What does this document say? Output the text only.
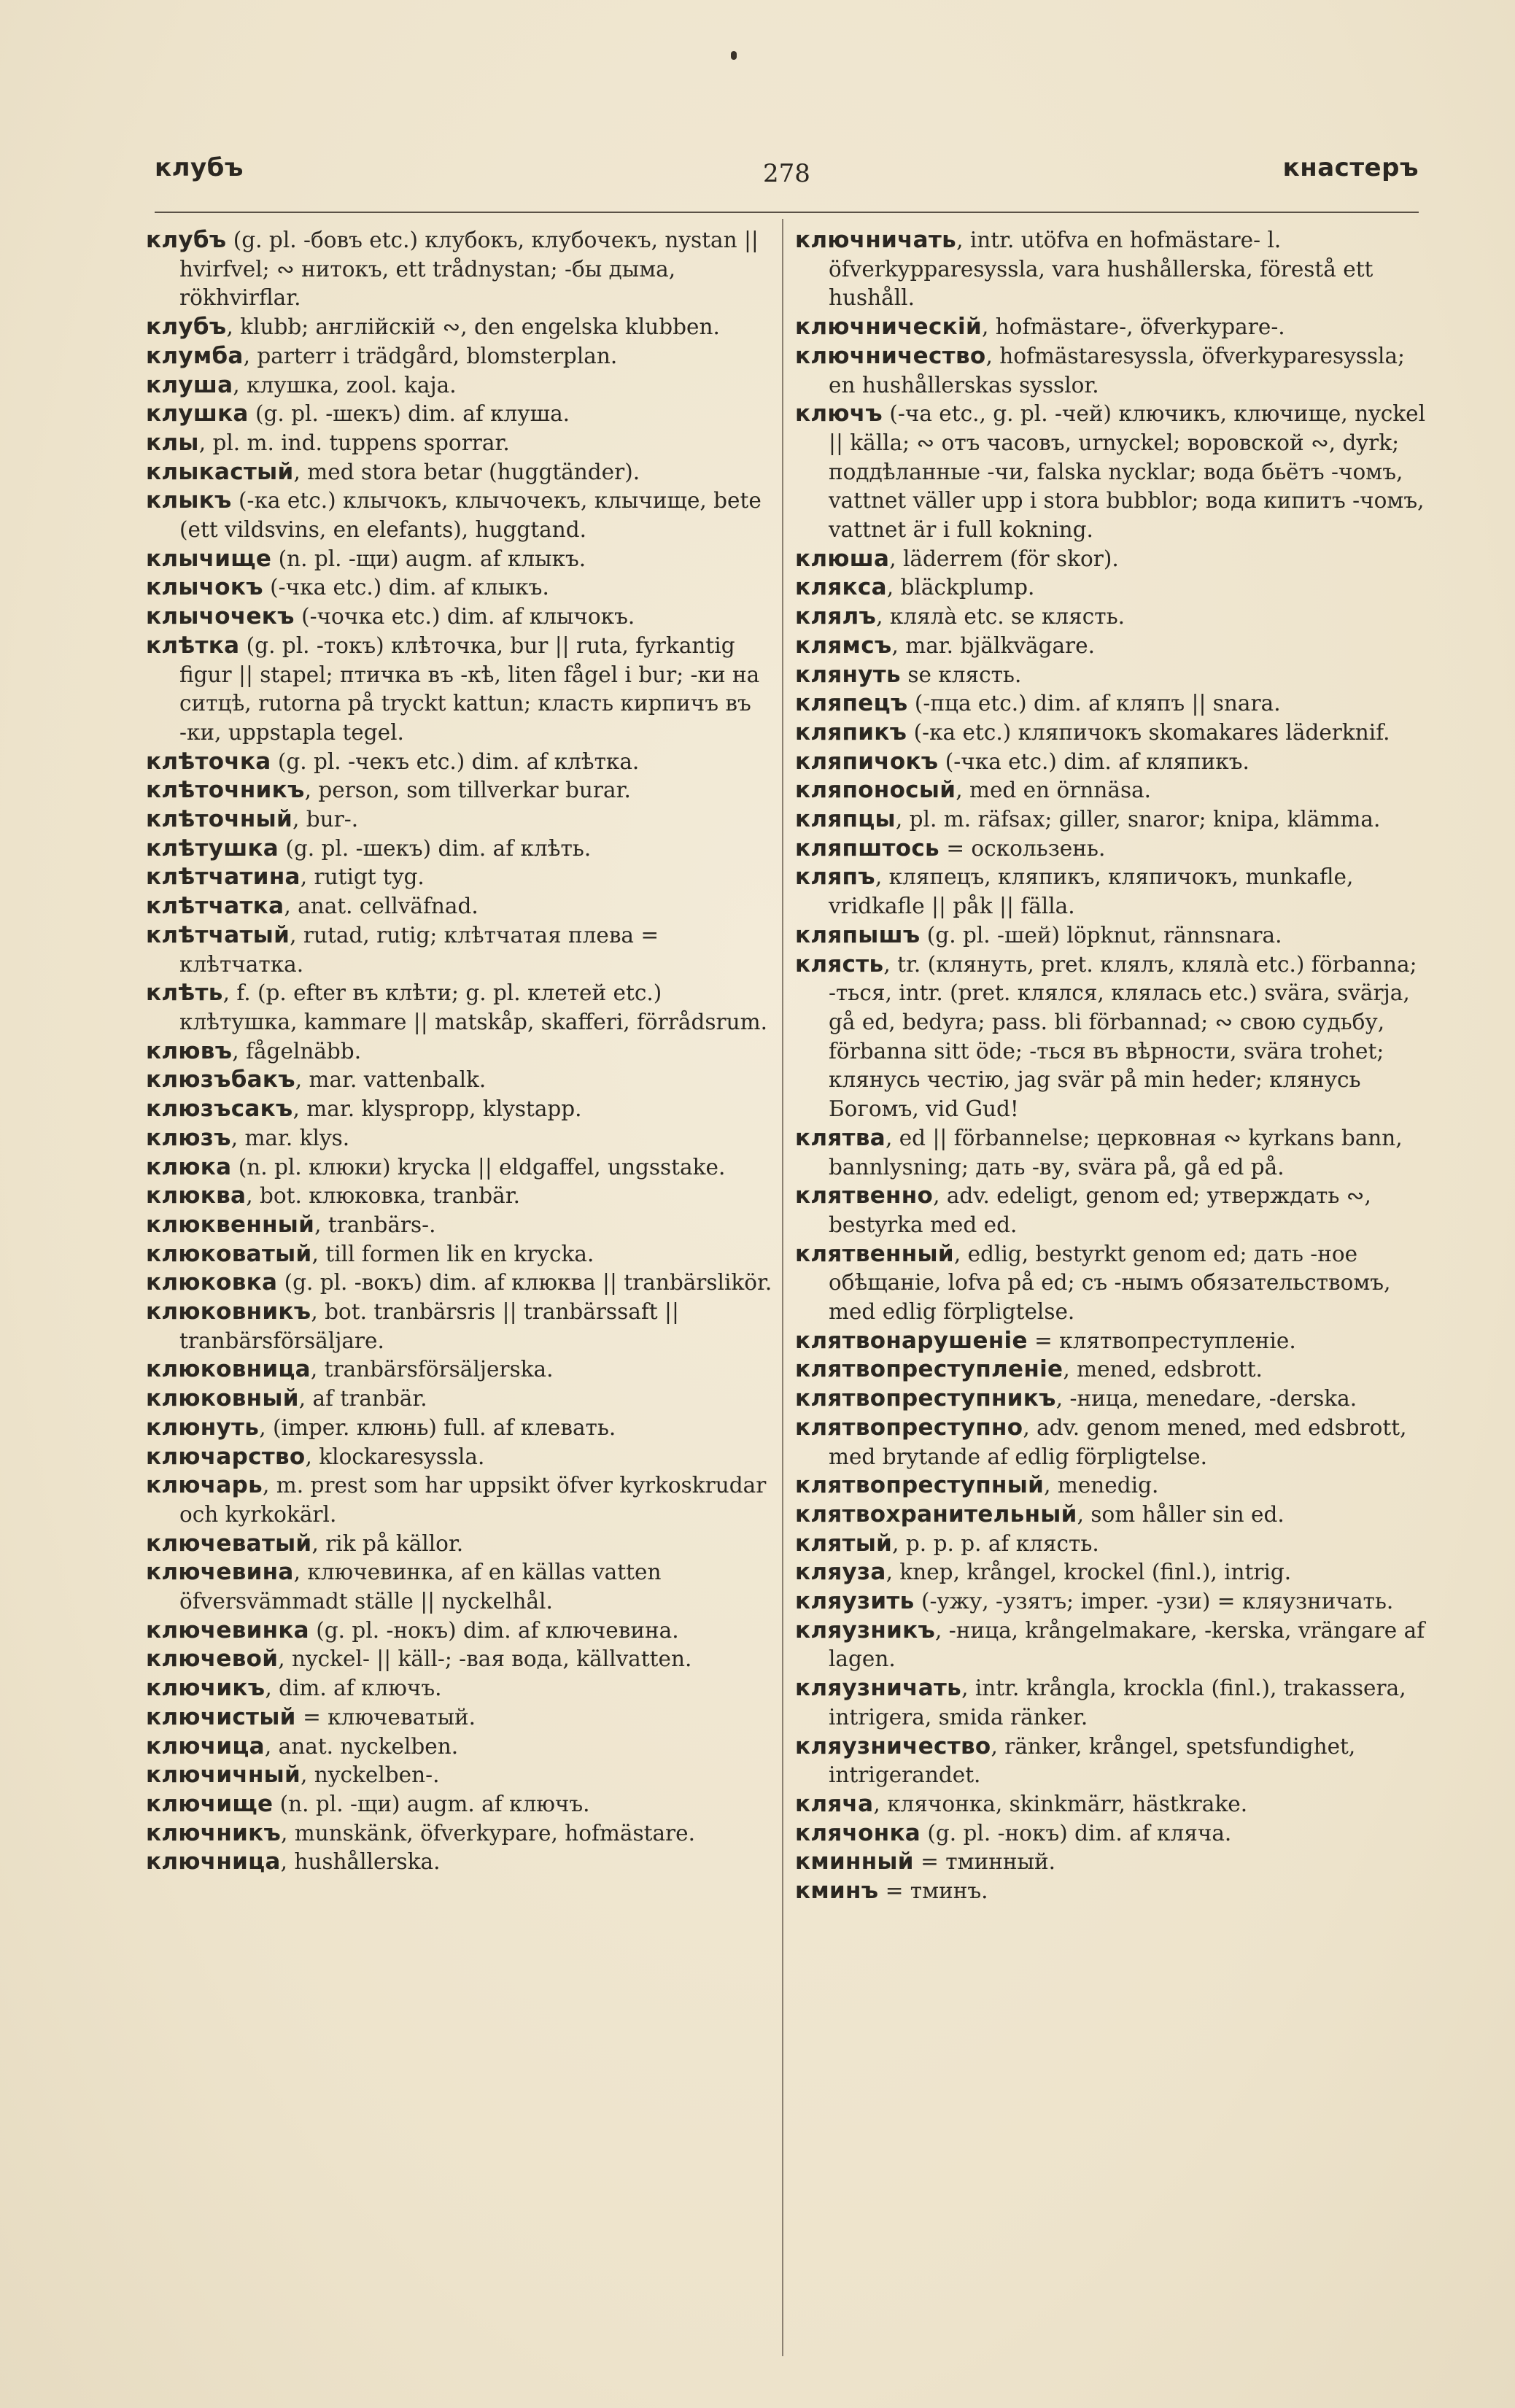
клубъ	278	кнастеръ

клубъ (g. pl. -бовъ etc.) клубокъ, клубочекъ, nystan || hvirfvel; ∾ нитокъ, ett trådnystan; -бы дыма, rökhvirflar.

клубъ, klubb; англійскій ∾, den engelska klubben.

клумба, parterr i trädgård, blomsterplan.

клуша, клушка, zool. kaja.

клушка (g. pl. -шекъ) dim. af клуша.

клы, pl. m. ind. tuppens sporrar.

клыкастый, med stora betar (huggtänder).

клыкъ (-ка etc.) клычокъ, клычочекъ, клычище, bete (ett vildsvins, en elefants), huggtand.

клычище (n. pl. -щи) augm. af клыкъ.

клычокъ (-чка etc.) dim. af клыкъ.

клычочекъ (-чочка etc.) dim. af клычокъ.

клѣтка (g. pl. -токъ) клѣточка, bur || ruta, fyrkantig figur || stapel; птичка въ -кѣ, liten fågel i bur; -ки на ситцѣ, rutorna på tryckt kattun; класть кирпичъ въ -ки, uppstapla tegel.

клѣточка (g. pl. -чекъ etc.) dim. af клѣтка.

клѣточникъ, person, som tillverkar burar.

клѣточный, bur-.

клѣтушка (g. pl. -шекъ) dim. af клѣть.

клѣтчатина, rutigt tyg.

клѣтчатка, anat. cellväfnad.

клѣтчатый, rutad, rutig; клѣтчатая плева = клѣтчатка.

клѣть, f. (p. efter въ клѣти; g. pl. клетей etc.) клѣтушка, kammare || matskåp, skafferi, förrådsrum.

клювъ, fågelnäbb.

клюзъбакъ, mar. vattenbalk.

клюзъсакъ, mar. klyspropp, klystapp.

клюзъ, mar. klys.

клюка (n. pl. клюки) krycka || eldgaffel, ungsstake.

клюква, bot. клюковка, tranbär.

клюквенный, tranbärs-.

клюковатый, till formen lik en krycka.

клюковка (g. pl. -вокъ) dim. af клюква || tranbärslikör.

клюковникъ, bot. tranbärsris || tranbärssaft || tranbärsförsäljare.

клюковница, tranbärsförsäljerska.

клюковный, af tranbär.

клюнуть, (imper. клюнь) full. af клевать.

ключарство, klockaresyssla.

ключарь, m. prest som har uppsikt öfver kyrkoskrudar och kyrkokärl.

ключеватый, rik på källor.

ключевина, ключевинка, af en källas vatten öfversvämmadt ställe || nyckelhål.

ключевинка (g. pl. -нокъ) dim. af ключевина.

ключевой, nyckel- || käll-; -вая вода, källvatten.

ключикъ, dim. af ключъ.

ключистый = ключеватый.

ключица, anat. nyckelben.

ключичный, nyckelben-.

ключище (n. pl. -щи) augm. af ключъ.

ключникъ, munskänk, öfverkypare, hofmästare.

ключница, hushållerska.

ключничать, intr. utöfva en hofmästare- l. öfverkypparesyssla, vara hushållerska, förestå ett hushåll.

ключническій, hofmästare-, öfverkypare-.

ключничество, hofmästaresyssla, öfverkyparesyssla; en hushållerskas sysslor.

ключъ (-ча etc., g. pl. -чей) ключикъ, ключище, nyckel || källa; ∾ отъ часовъ, urnyckel; воровской ∾, dyrk; поддѣланные -чи, falska nycklar; вода бьётъ -чомъ, vattnet väller upp i stora bubblor; вода кипитъ -чомъ, vattnet är i full kokning.

клюша, läderrem (för skor).

клякса, bläckplump.

клялъ, клялà etc. se клясть.

клямсъ, mar. bjälkvägare.

клянуть se клясть.

кляпецъ (-пца etc.) dim. af кляпъ || snara.

кляпикъ (-ка etc.) кляпичокъ skomakares läderknif.

кляпичокъ (-чка etc.) dim. af кляпикъ.

кляпоносый, med en örnnäsa.

кляпцы, pl. m. räfsax; giller, snaror; knipa, klämma.

кляпштось = оскользень.

кляпъ, кляпецъ, кляпикъ, кляпичокъ, munkafle, vridkafle || påk || fälla.

кляпышъ (g. pl. -шей) löpknut, rännsnara.

клясть, tr. (клянуть, pret. клялъ, клялà etc.) förbanna; -ться, intr. (pret. клялся, клялась etc.) svära, svärja, gå ed, bedyra; pass. bli förbannad; ∾ свою судьбу, förbanna sitt öde; -ться въ вѣрности, svära trohet; клянусь честію, jag svär på min heder; клянусь Богомъ, vid Gud!

клятва, ed || förbannelse; церковная ∾ kyrkans bann, bannlysning; дать -ву, svära på, gå ed på.

клятвенно, adv. edeligt, genom ed; утверждать ∾, bestyrka med ed.

клятвенный, edlig, bestyrkt genom ed; дать -ное обѣщаніе, lofva på ed; съ -нымъ обязательствомъ, med edlig förpligtelse.

клятвонарушеніе = клятвопреступленіе.

клятвопреступленіе, mened, edsbrott.

клятвопреступникъ, -ница, menedare, -derska.

клятвопреступно, adv. genom mened, med edsbrott, med brytande af edlig förpligtelse.

клятвопреступный, menedig.

клятвохранительный, som håller sin ed.

клятый, p. p. p. af клясть.

кляуза, knep, krångel, krockel (finl.), intrig.

кляузить (-ужу, -узятъ; imper. -узи) = кляузничать.

кляузникъ, -ница, krångelmakare, -kerska, vrängare af lagen.

кляузничать, intr. krångla, krockla (finl.), trakassera, intrigera, smida ränker.

кляузничество, ränker, krångel, spetsfundighet, intrigerandet.

кляча, клячонка, skinkmärr, hästkrake.

клячонка (g. pl. -нокъ) dim. af кляча.

кминный = тминный.

кминъ = тминъ.
